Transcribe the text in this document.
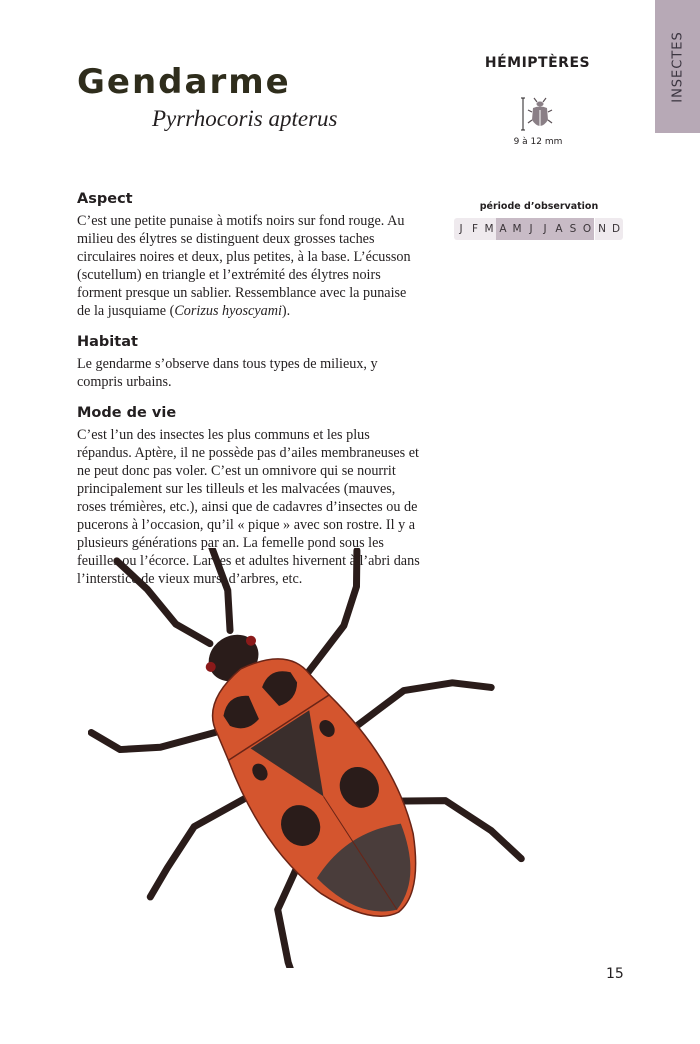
INSECTES
Gendarme
Pyrrhocoris apterus
HÉMIPTÈRES
9 à 12 mm
période d’observation
J F M A M J	J A S O N D
Aspect

C’est une petite punaise à motifs noirs sur fond rouge. Au milieu des élytres se distinguent deux grosses taches circulaires noires et deux, plus petites, à la base. L’écusson (scutellum) en triangle et l’extrémité des élytres noirs forment presque un sablier. Ressemblance avec la punaise de la jusquiame (Corizus hyoscyami).

Habitat

Le gendarme s’observe dans tous types de milieux, y compris urbains.

Mode de vie

C’est l’un des insectes les plus communs et les plus répandus. Aptère, il ne possède pas d’ailes membraneuses et ne peut donc pas voler. C’est un omnivore qui se nourrit principalement sur les tilleuls et les malvacées (mauves, roses trémières, etc.), ainsi que de cadavres d’insectes ou de pucerons à l’occasion, qu’il « pique » avec son rostre. Il y a plusieurs générations par an. La femelle pond sous les feuilles ou l’écorce. Larves et adultes hivernent à l’abri dans l’interstice de vieux murs, d’arbres, etc.

15
